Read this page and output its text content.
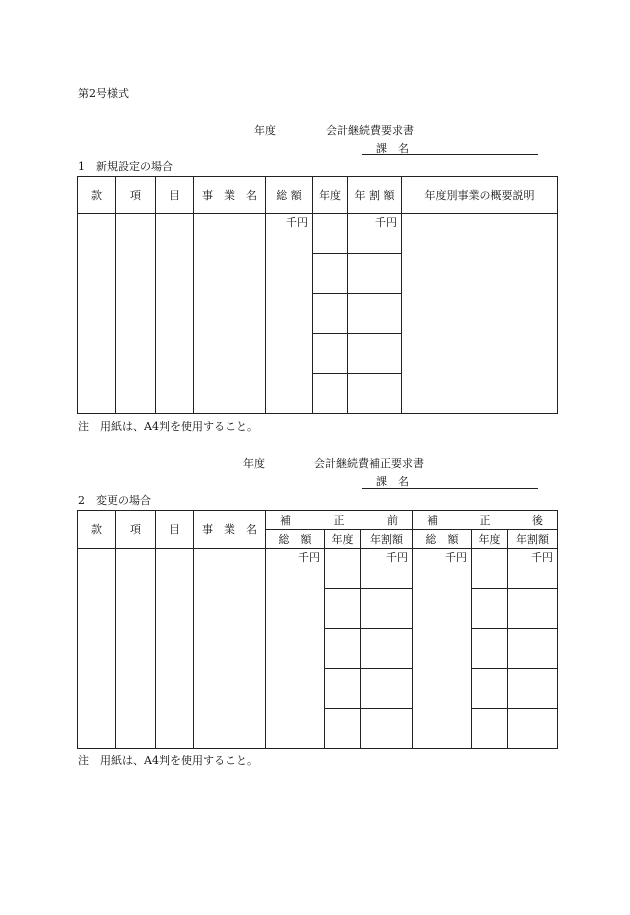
第2号様式
年度	会計継続費要求書
課　名
1　新規設定の場合
款	項	目	事　業　名	総 額	年度	年 割 額	年度別事業の概要説明
				千円		千円	

注　用紙は、A4判を使用すること。
年度	会計継続費補正要求書
課　名
2　変更の場合
款	項	目	事　業　名	補正前			補正後		
				総　額	年度	年割額	総　額	年度	年割額
				千円		千円	千円		千円

注　用紙は、A4判を使用すること。
